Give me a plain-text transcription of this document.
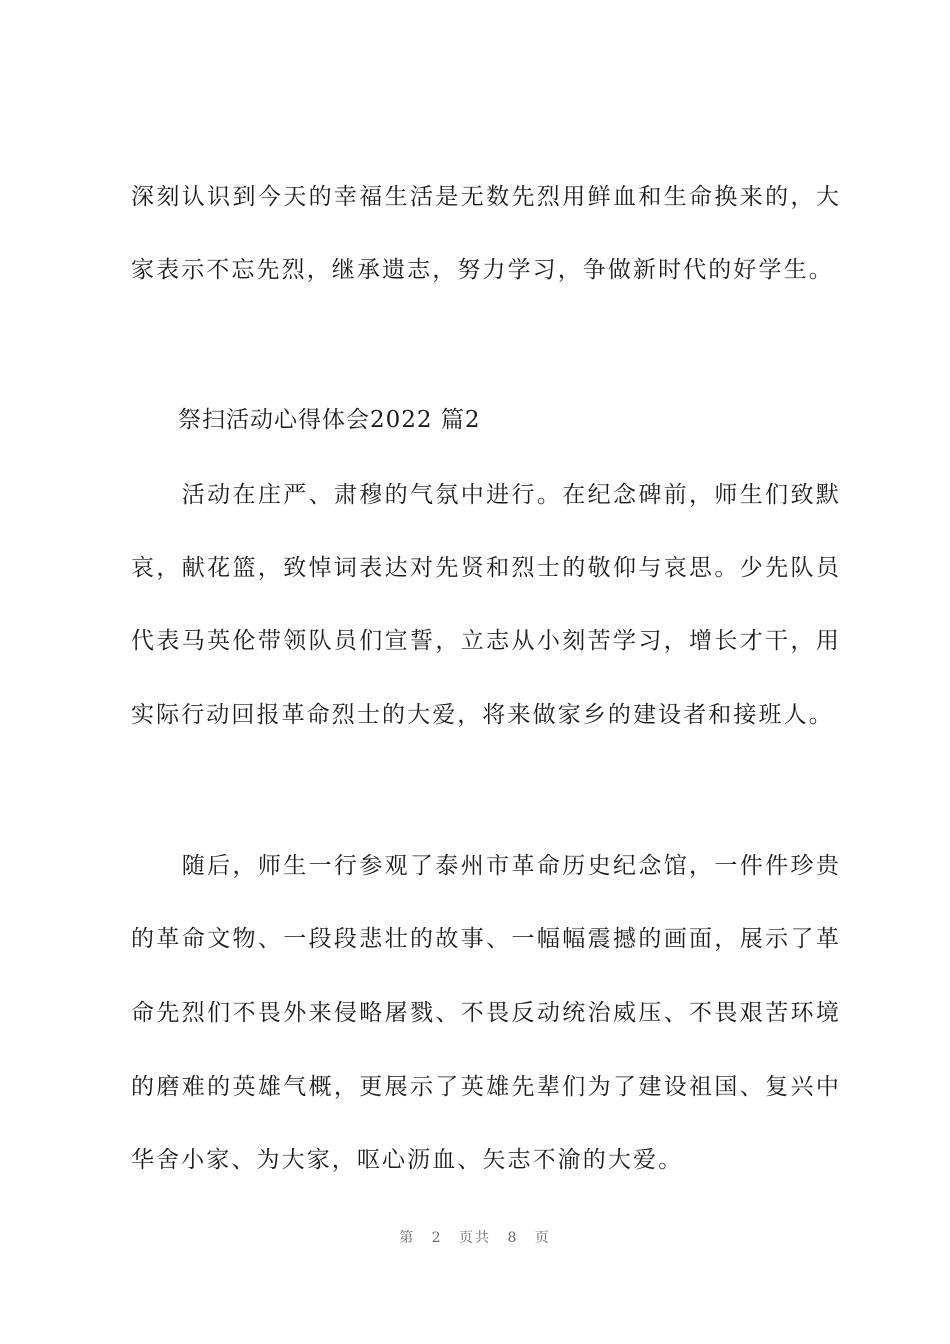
深刻认识到今天的幸福生活是无数先烈用鲜血和生命换来的，大
家表示不忘先烈，继承遗志，努力学习，争做新时代的好学生。
祭扫活动心得体会2022 篇2
　　活动在庄严、肃穆的气氛中进行。在纪念碑前，师生们致默
哀，献花篮，致悼词表达对先贤和烈士的敬仰与哀思。少先队员
代表马英伦带领队员们宣誓，立志从小刻苦学习，增长才干，用
实际行动回报革命烈士的大爱，将来做家乡的建设者和接班人。
　　随后，师生一行参观了泰州市革命历史纪念馆，一件件珍贵
的革命文物、一段段悲壮的故事、一幅幅震撼的画面，展示了革
命先烈们不畏外来侵略屠戮、不畏反动统治威压、不畏艰苦环境
的磨难的英雄气概，更展示了英雄先辈们为了建设祖国、复兴中
华舍小家、为大家，呕心沥血、矢志不渝的大爱。
第 2 页共 8 页
